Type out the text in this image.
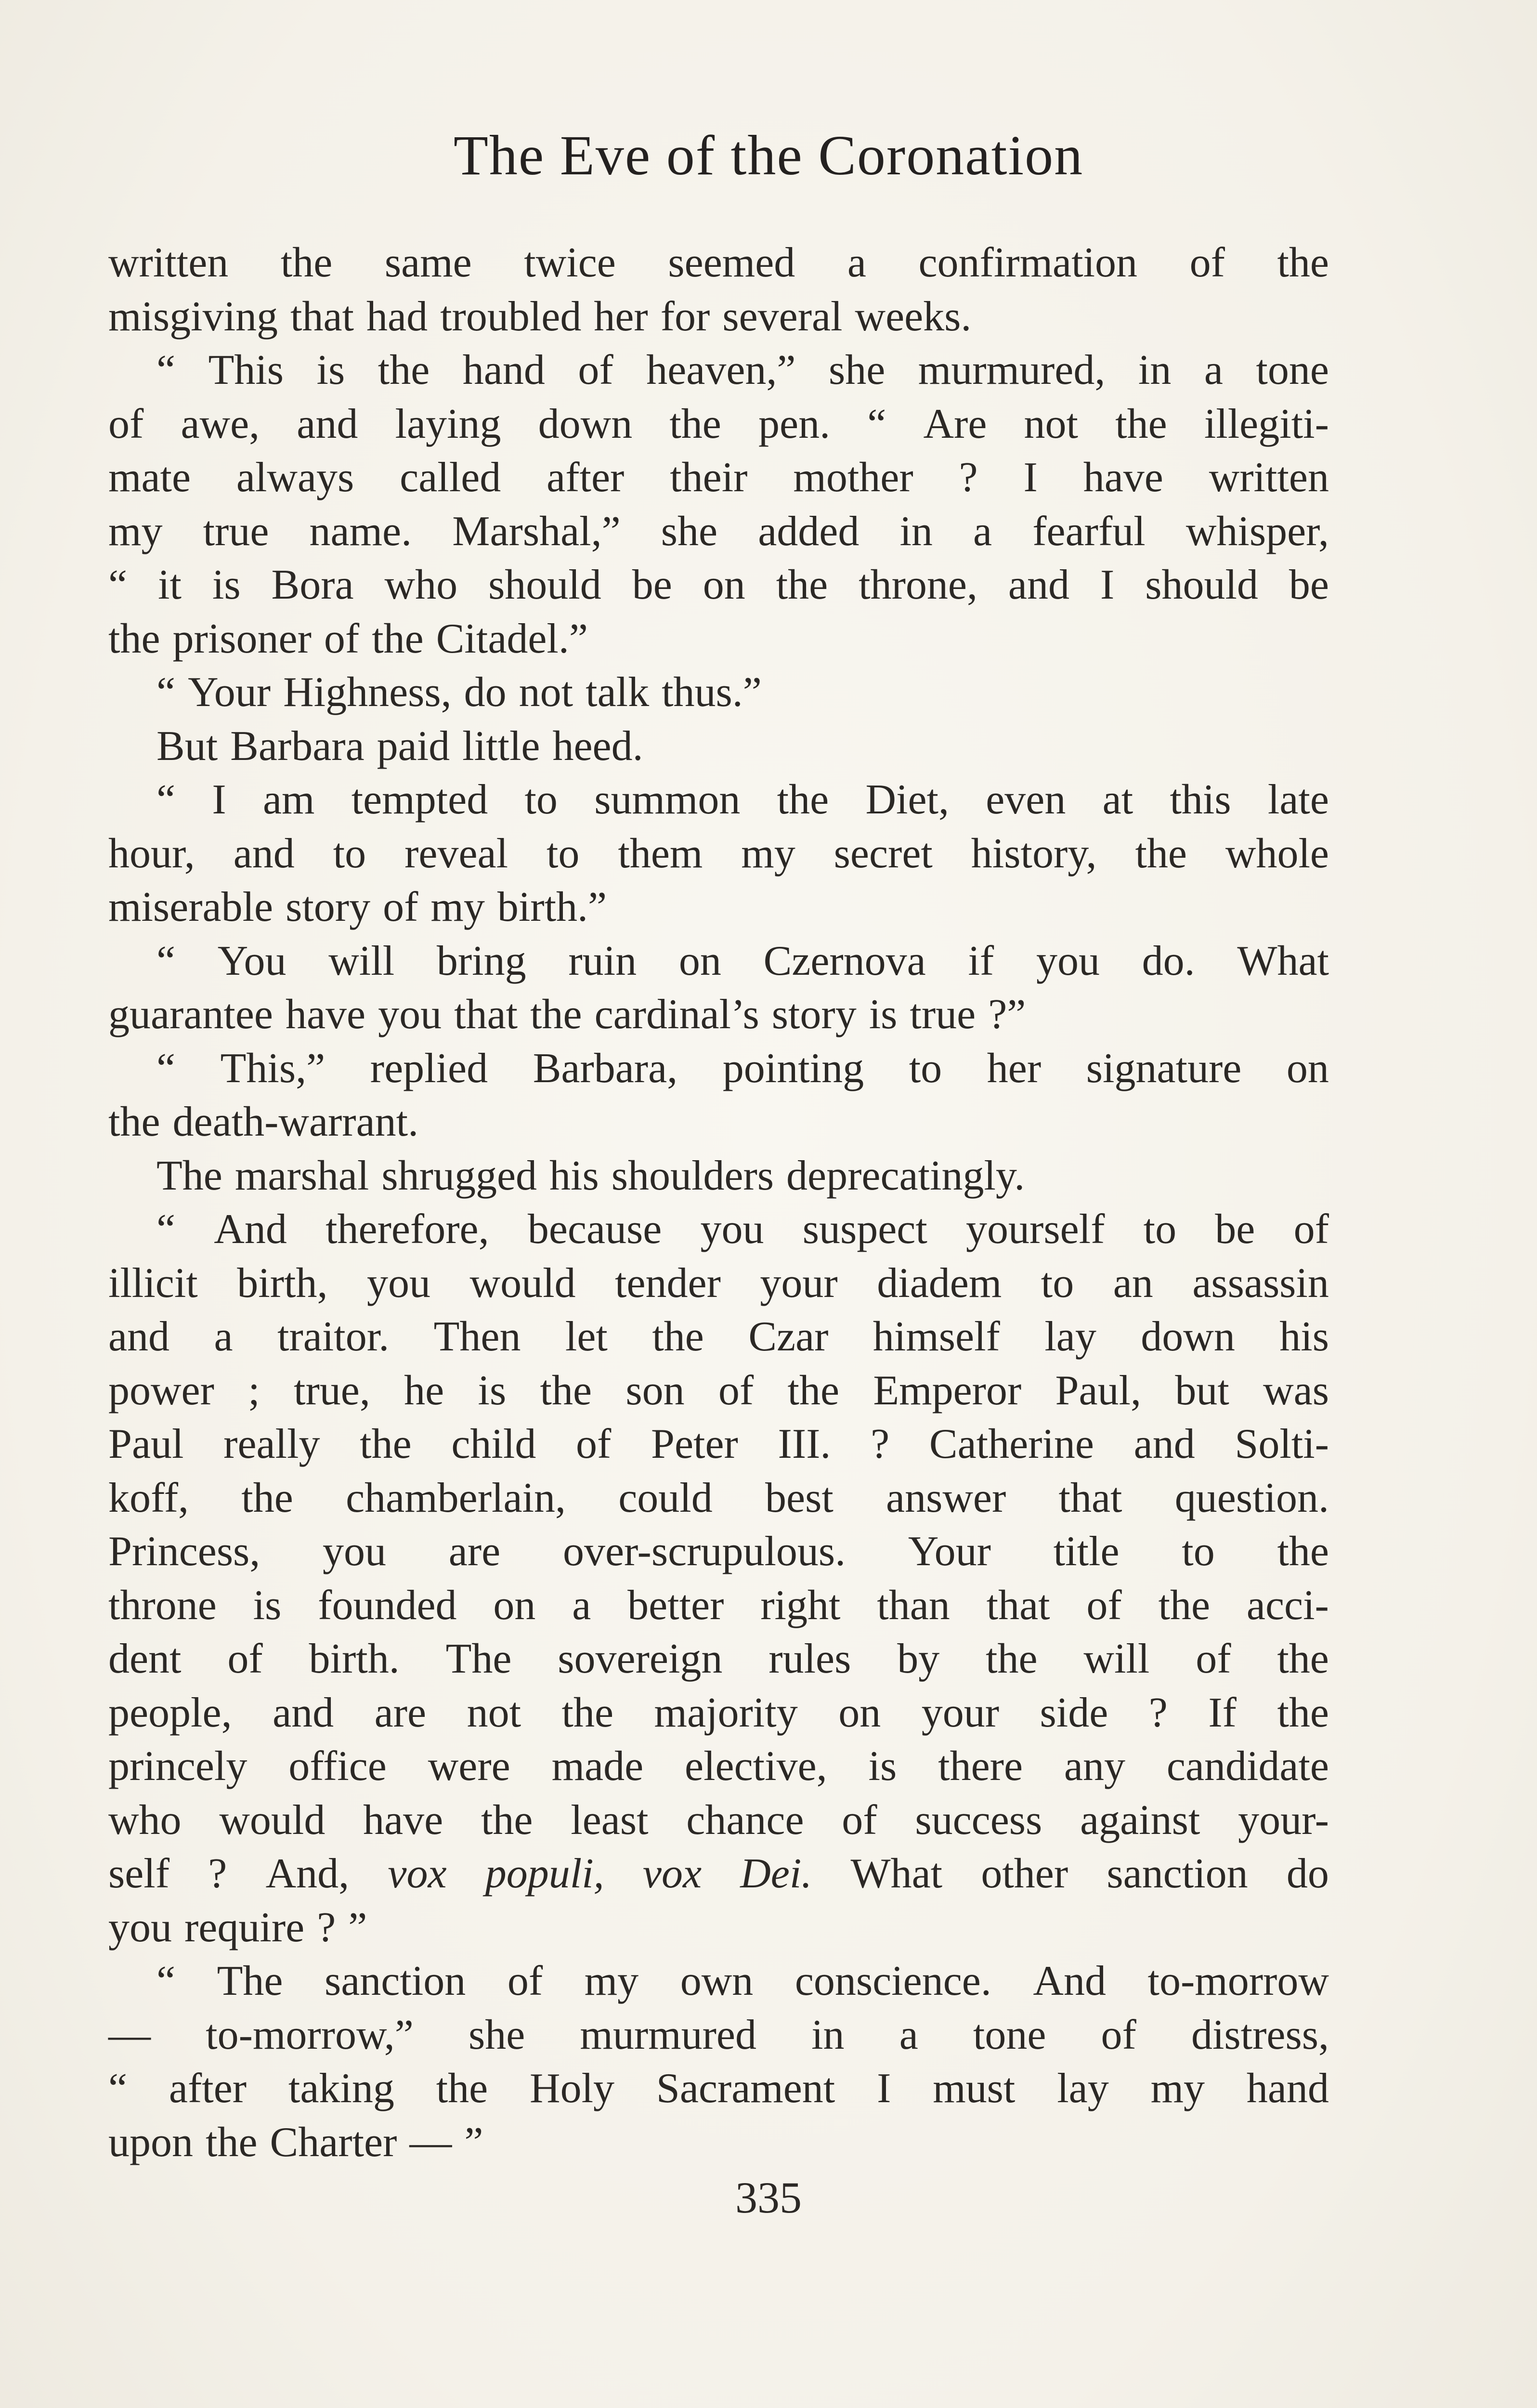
The Eve of the Coronation
written the same twice seemed a confirmation of the
misgiving that had troubled her for several weeks.
“ This is the hand of heaven,” she murmured, in a tone
of awe, and laying down the pen. “ Are not the illegiti-
mate always called after their mother ? I have written
my true name. Marshal,” she added in a fearful whisper,
“ it is Bora who should be on the throne, and I should be
the prisoner of the Citadel.”
“ Your Highness, do not talk thus.”
But Barbara paid little heed.
“ I am tempted to summon the Diet, even at this late
hour, and to reveal to them my secret history, the whole
miserable story of my birth.”
“ You will bring ruin on Czernova if you do. What
guarantee have you that the cardinal’s story is true ?”
“ This,” replied Barbara, pointing to her signature on
the death-warrant.
The marshal shrugged his shoulders deprecatingly.
“ And therefore, because you suspect yourself to be of
illicit birth, you would tender your diadem to an assassin
and a traitor. Then let the Czar himself lay down his
power ; true, he is the son of the Emperor Paul, but was
Paul really the child of Peter III. ? Catherine and Solti-
koff, the chamberlain, could best answer that question.
Princess, you are over-scrupulous. Your title to the
throne is founded on a better right than that of the acci-
dent of birth. The sovereign rules by the will of the
people, and are not the majority on your side ? If the
princely office were made elective, is there any candidate
who would have the least chance of success against your-
self ? And, vox populi, vox Dei. What other sanction do
you require ? ”
“ The sanction of my own conscience. And to-morrow
— to-morrow,” she murmured in a tone of distress,
“ after taking the Holy Sacrament I must lay my hand
upon the Charter — ”
335
